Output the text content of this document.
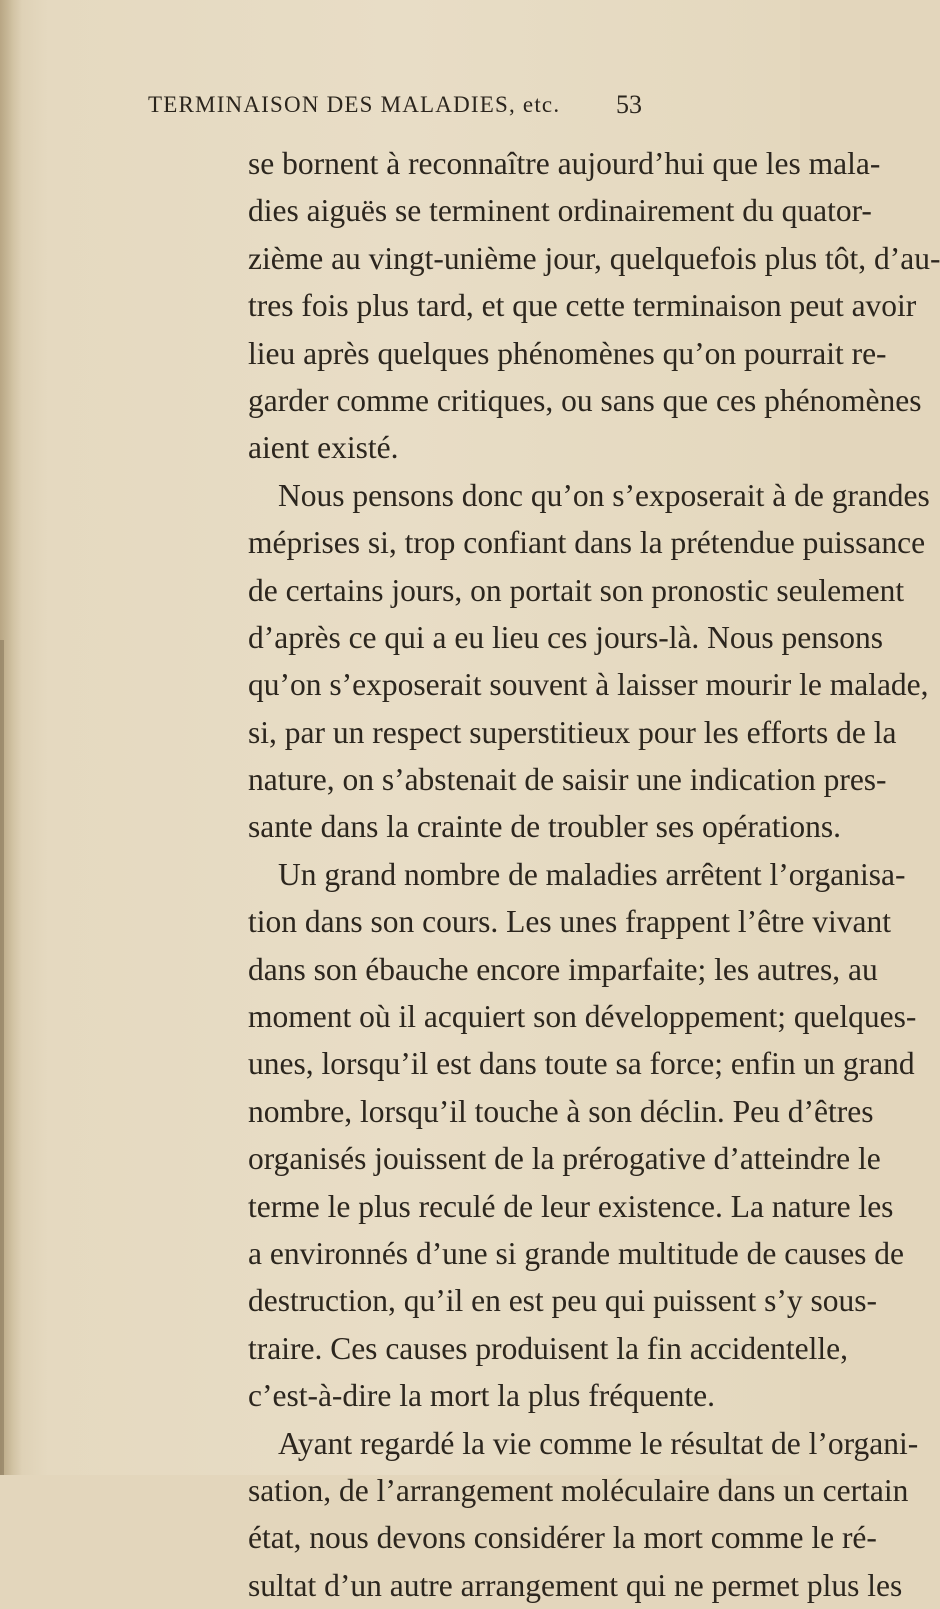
TERMINAISON DES MALADIES, etc. 53
se bornent à reconnaître aujourd’hui que les mala-
dies aiguës se terminent ordinairement du quator-
zième au vingt-unième jour, quelquefois plus tôt, d’au-
tres fois plus tard, et que cette terminaison peut avoir
lieu après quelques phénomènes qu’on pourrait re-
garder comme critiques, ou sans que ces phénomènes
aient existé.
Nous pensons donc qu’on s’exposerait à de grandes
méprises si, trop confiant dans la prétendue puissance
de certains jours, on portait son pronostic seulement
d’après ce qui a eu lieu ces jours-là. Nous pensons
qu’on s’exposerait souvent à laisser mourir le malade,
si, par un respect superstitieux pour les efforts de la
nature, on s’abstenait de saisir une indication pres-
sante dans la crainte de troubler ses opérations.
Un grand nombre de maladies arrêtent l’organisa-
tion dans son cours. Les unes frappent l’être vivant
dans son ébauche encore imparfaite; les autres, au
moment où il acquiert son développement; quelques-
unes, lorsqu’il est dans toute sa force; enfin un grand
nombre, lorsqu’il touche à son déclin. Peu d’êtres
organisés jouissent de la prérogative d’atteindre le
terme le plus reculé de leur existence. La nature les
a environnés d’une si grande multitude de causes de
destruction, qu’il en est peu qui puissent s’y sous-
traire. Ces causes produisent la fin accidentelle,
c’est-à-dire la mort la plus fréquente.
Ayant regardé la vie comme le résultat de l’organi-
sation, de l’arrangement moléculaire dans un certain
état, nous devons considérer la mort comme le ré-
sultat d’un autre arrangement qui ne permet plus les
